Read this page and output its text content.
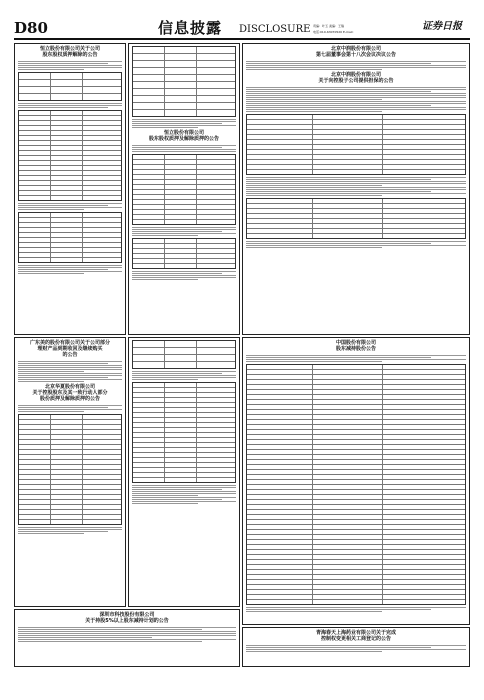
D80	信息披露 DISCLOSURE 责编：叶玉 美编：王瑞
电话:010-63070520 E-mail:	证券日报
恒立股份有限公司关于公司
股东股权质押解除的公告
恒立股份有限公司
股东股权质押及解除质押的公告
广东美的股份有限公司关于公司部分
理财产品到期收回及继续购买
的公告
北京华夏股份有限公司
关于控股股东及其一致行动人部分
股份质押及解除质押的公告
深圳市科技股份有限公司
关于持股5%以上股东减持计划的公告
北京中润股份有限公司
第七届董事会第十八次会议决议公告
北京中润股份有限公司
关于向控股子公司提供担保的公告
中国股份有限公司
股东减持股份公告
青海春天上海药业有限公司关于完成
控制权变更相关工商登记的公告
